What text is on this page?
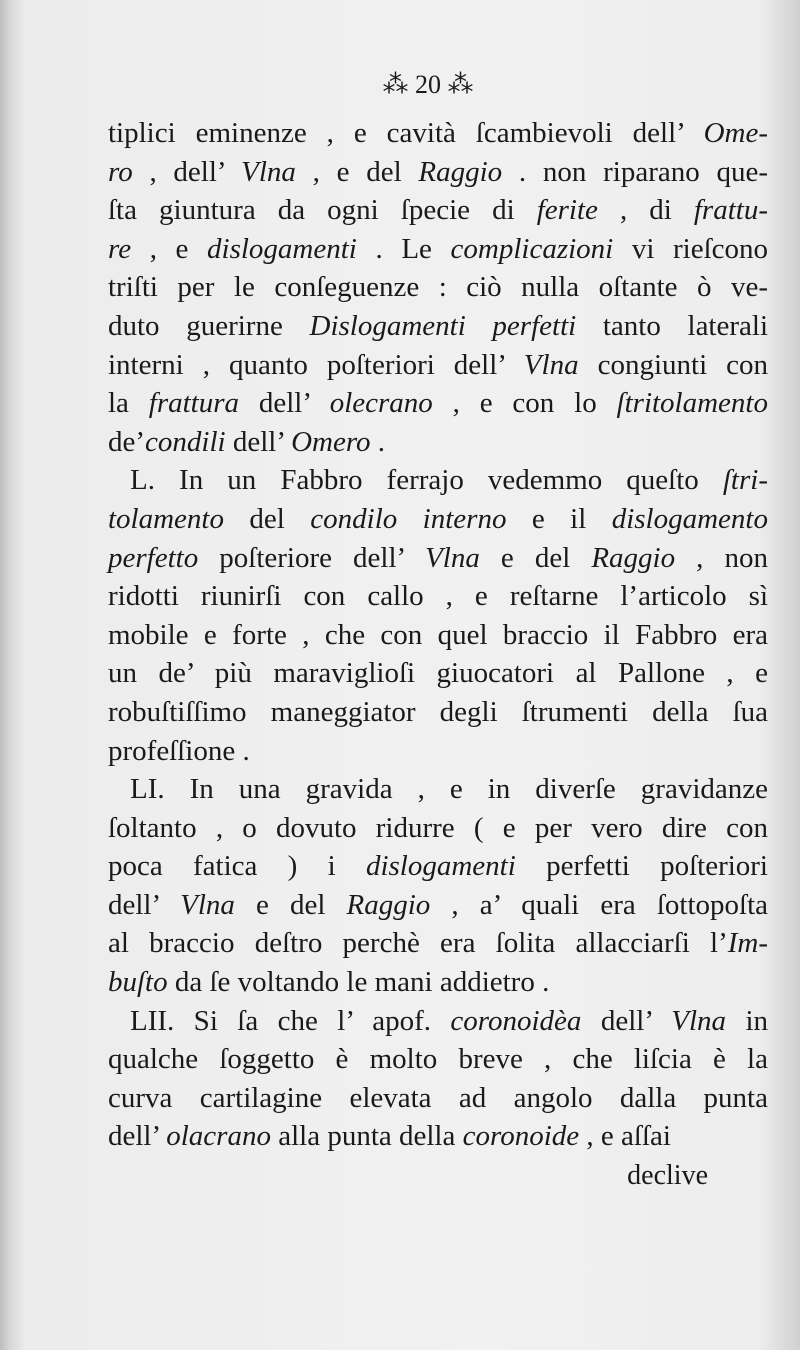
⁂ 20 ⁂
tiplici eminenze , e cavità ſcambievoli dell’ Ome‑
ro , dell’ Vlna , e del Raggio . non riparano que‑
ſta giuntura da ogni ſpecie di ferite , di frattu‑
re , e dislogamenti . Le complicazioni vi rieſcono
triſti per le conſeguenze : ciò nulla oſtante ò ve‑
duto guerirne Dislogamenti perfetti tanto laterali
interni , quanto poſteriori dell’ Vlna congiunti con
la frattura dell’ olecrano , e con lo ſtritolamento
de’condili dell’ Omero .
L. In un Fabbro ferrajo vedemmo queſto ſtri‑
tolamento del condilo interno e il dislogamento
perfetto poſteriore dell’ Vlna e del Raggio , non
ridotti riunirſi con callo , e reſtarne l’articolo sì
mobile e forte , che con quel braccio il Fabbro era
un de’ più maraviglioſi giuocatori al Pallone , e
robuſtiſſimo maneggiator degli ſtrumenti della ſua
profeſſione .
LI. In una gravida , e in diverſe gravidanze
ſoltanto , o dovuto ridurre ( e per vero dire con
poca fatica ) i dislogamenti perfetti poſteriori
dell’ Vlna e del Raggio , a’ quali era ſottopoſta
al braccio deſtro perchè era ſolita allacciarſi l’Im‑
buſto da ſe voltando le mani addietro .
LII. Si ſa che l’ apof. coronoidèa dell’ Vlna in
qualche ſoggetto è molto breve , che liſcia è la
curva cartilagine elevata ad angolo dalla punta
dell’ olacrano alla punta della coronoide , e aſſai
declive
